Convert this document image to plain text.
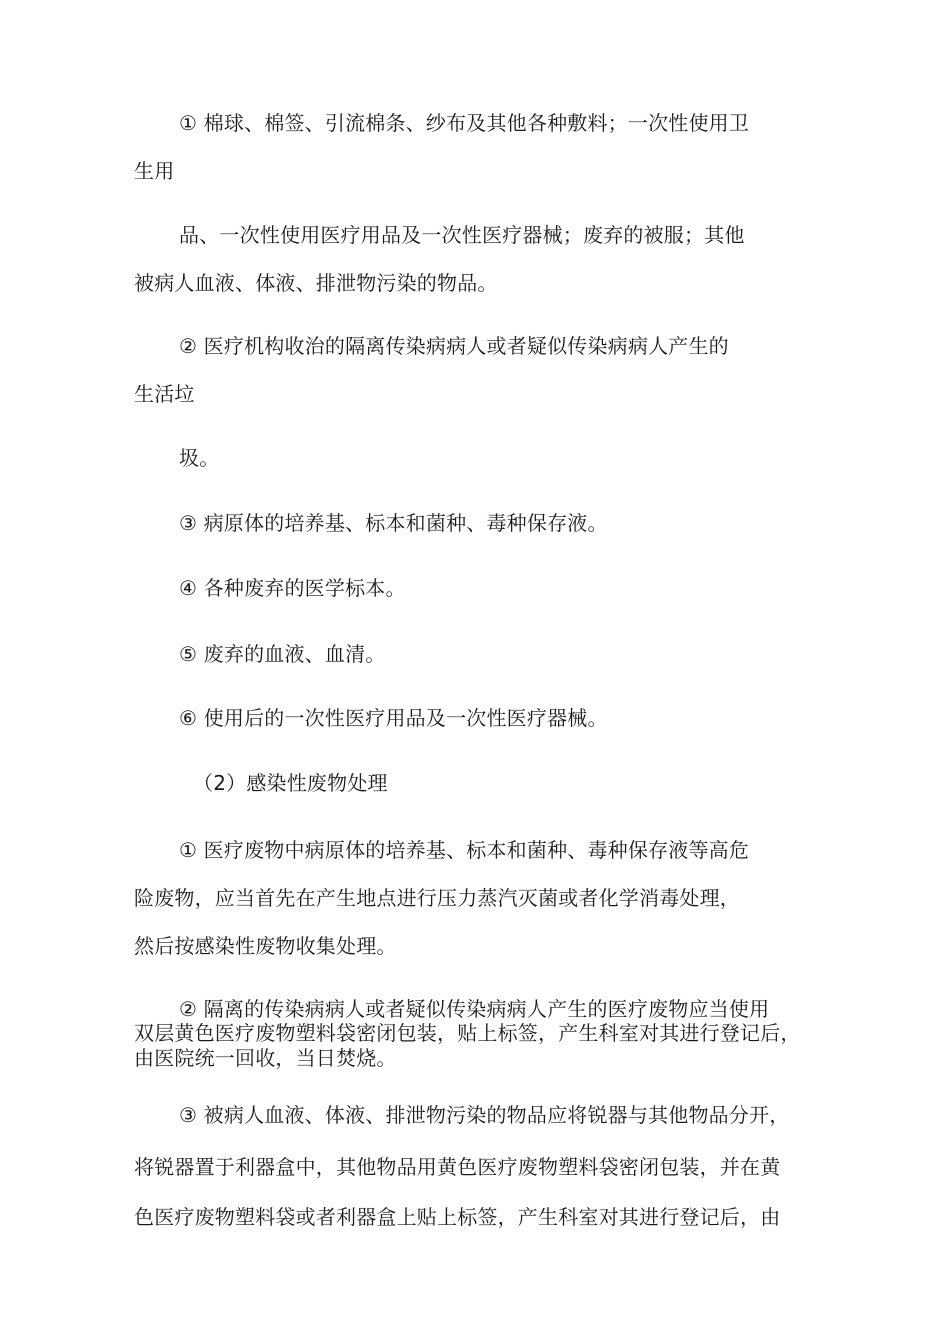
① 棉球、棉签、引流棉条、纱布及其他各种敷料；一次性使用卫
生用
品、一次性使用医疗用品及一次性医疗器械；废弃的被服；其他
被病人血液、体液、排泄物污染的物品。
② 医疗机构收治的隔离传染病病人或者疑似传染病病人产生的
生活垃
圾。
③ 病原体的培养基、标本和菌种、毒种保存液。
④ 各种废弃的医学标本。
⑤ 废弃的血液、血清。
⑥ 使用后的一次性医疗用品及一次性医疗器械。
（2）感染性废物处理
① 医疗废物中病原体的培养基、标本和菌种、毒种保存液等高危
险废物，应当首先在产生地点进行压力蒸汽灭菌或者化学消毒处理，
然后按感染性废物收集处理。
② 隔离的传染病病人或者疑似传染病病人产生的医疗废物应当使用
双层黄色医疗废物塑料袋密闭包装，贴上标签，产生科室对其进行登记后，
由医院统一回收，当日焚烧。
③ 被病人血液、体液、排泄物污染的物品应将锐器与其他物品分开，
将锐器置于利器盒中，其他物品用黄色医疗废物塑料袋密闭包装，并在黄
色医疗废物塑料袋或者利器盒上贴上标签，产生科室对其进行登记后，由
